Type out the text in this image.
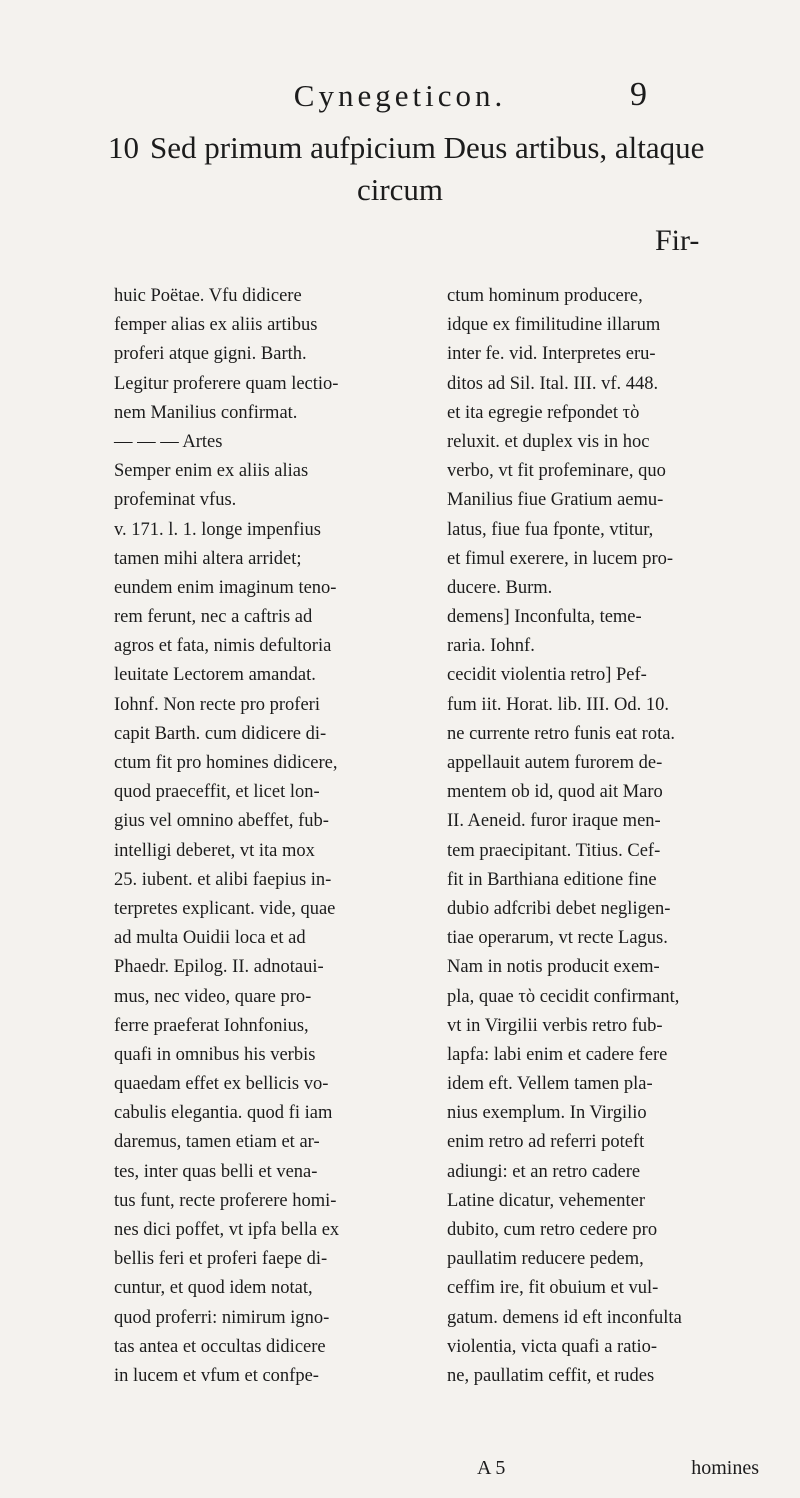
Cynegeticon.	9
10 Sed primum aufpicium Deus artibus, altaque
circum
Fir-
huic Poëtae. Vfu didicere
femper alias ex aliis artibus
proferi atque gigni. Barth.
Legitur proferere quam lectio-
nem Manilius confirmat.
— — — Artes
Semper enim ex aliis alias
profeminat vfus.
v. 171. l. 1. longe impenfius
tamen mihi altera arridet;
eundem enim imaginum teno-
rem ferunt, nec a caftris ad
agros et fata, nimis defultoria
leuitate Lectorem amandat.
Iohnf. Non recte pro proferi
capit Barth. cum didicere di-
ctum fit pro homines didicere,
quod praeceffit, et licet lon-
gius vel omnino abeffet, fub-
intelligi deberet, vt ita mox
25. iubent. et alibi faepius in-
terpretes explicant. vide, quae
ad multa Ouidii loca et ad
Phaedr. Epilog. II. adnotaui-
mus, nec video, quare pro-
ferre praeferat Iohnfonius,
quafi in omnibus his verbis
quaedam effet ex bellicis vo-
cabulis elegantia. quod fi iam
daremus, tamen etiam et ar-
tes, inter quas belli et vena-
tus funt, recte proferere homi-
nes dici poffet, vt ipfa bella ex
bellis feri et proferi faepe di-
cuntur, et quod idem notat,
quod proferri: nimirum igno-
tas antea et occultas didicere
in lucem et vfum et confpe-
ctum hominum producere,
idque ex fimilitudine illarum
inter fe. vid. Interpretes eru-
ditos ad Sil. Ital. III. vf. 448.
et ita egregie refpondet τὸ
reluxit. et duplex vis in hoc
verbo, vt fit profeminare, quo
Manilius fiue Gratium aemu-
latus, fiue fua fponte, vtitur,
et fimul exerere, in lucem pro-
ducere. Burm.
demens] Inconfulta, teme-
raria. Iohnf.
cecidit violentia retro] Pef-
fum iit. Horat. lib. III. Od. 10.
ne currente retro funis eat rota.
appellauit autem furorem de-
mentem ob id, quod ait Maro
II. Aeneid. furor iraque men-
tem praecipitant. Titius. Cef-
fit in Barthiana editione fine
dubio adfcribi debet negligen-
tiae operarum, vt recte Lagus.
Nam in notis producit exem-
pla, quae τὸ cecidit confirmant,
vt in Virgilii verbis retro fub-
lapfa: labi enim et cadere fere
idem eft. Vellem tamen pla-
nius exemplum. In Virgilio
enim retro ad referri poteft
adiungi: et an retro cadere
Latine dicatur, vehementer
dubito, cum retro cedere pro
paullatim reducere pedem,
ceffim ire, fit obuium et vul-
gatum. demens id eft inconfulta
violentia, victa quafi a ratio-
ne, paullatim ceffit, et rudes
A 5	homines
